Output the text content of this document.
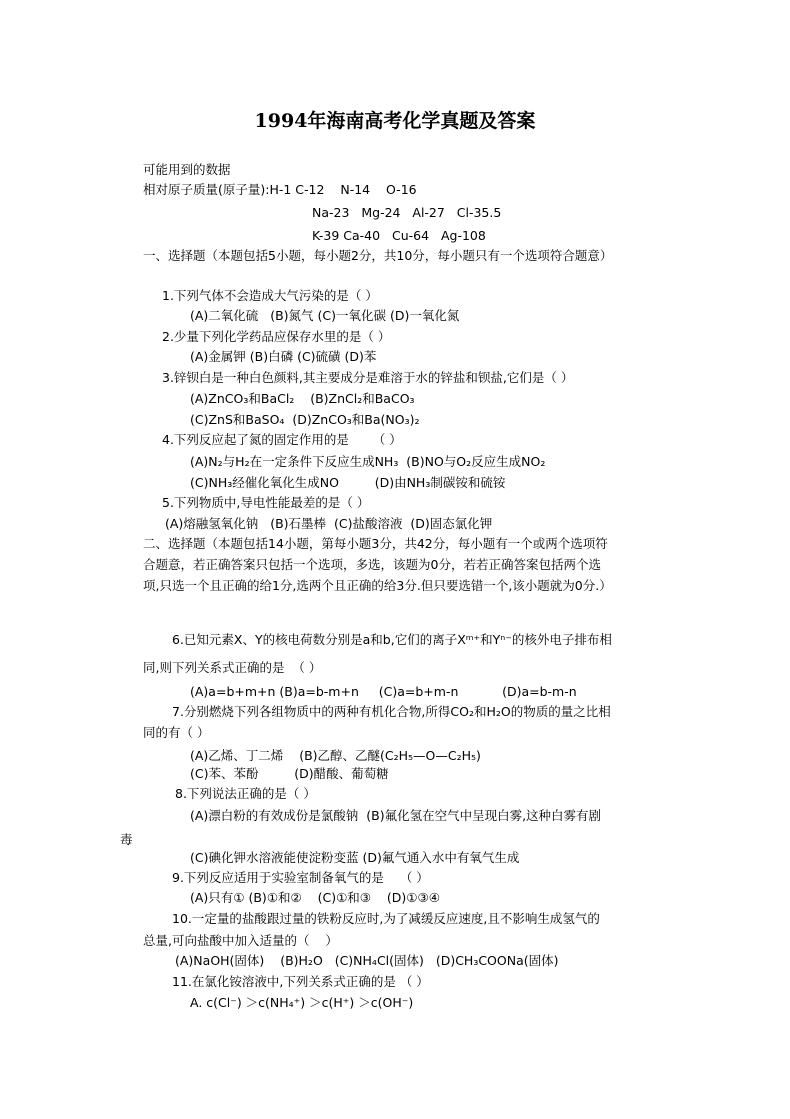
1994年海南高考化学真题及答案
可能用到的数据
相对原子质量(原子量):H-1 C-12    N-14    O-16
Na-23   Mg-24   Al-27   Cl-35.5
K-39 Ca-40   Cu-64   Ag-108
一、选择题（本题包括5小题，每小题2分，共10分，每小题只有一个选项符合题意）
1.下列气体不会造成大气污染的是（ ）
(A)二氧化硫   (B)氮气 (C)一氧化碳 (D)一氧化氮
2.少量下列化学药品应保存水里的是（ ）
(A)金属钾 (B)白磷 (C)硫磺 (D)苯
3.锌钡白是一种白色颜料,其主要成分是难溶于水的锌盐和钡盐,它们是（ ）
(A)ZnCO₃和BaCl₂    (B)ZnCl₂和BaCO₃
(C)ZnS和BaSO₄  (D)ZnCO₃和Ba(NO₃)₂
4.下列反应起了氮的固定作用的是      （ ）
(A)N₂与H₂在一定条件下反应生成NH₃  (B)NO与O₂反应生成NO₂
(C)NH₃经催化氧化生成NO         (D)由NH₃制碳铵和硫铵
5.下列物质中,导电性能最差的是（ ）
(A)熔融氢氧化钠   (B)石墨棒  (C)盐酸溶液  (D)固态氯化钾
二、选择题（本题包括14小题，第每小题3分，共42分，每小题有一个或两个选项符
合题意，若正确答案只包括一个选项，多选，该题为0分，若若正确答案包括两个选
项,只选一个且正确的给1分,选两个且正确的给3分.但只要选错一个,该小题就为0分.）
6.已知元素X、Y的核电荷数分别是a和b,它们的离子Xᵐ⁺和Yⁿ⁻的核外电子排布相
同,则下列关系式正确的是  （ ）
(A)a=b+m+n (B)a=b-m+n     (C)a=b+m-n           (D)a=b-m-n
7.分别燃烧下列各组物质中的两种有机化合物,所得CO₂和H₂O的物质的量之比相
同的有（ ）
(A)乙烯、丁二烯    (B)乙醇、乙醚(C₂H₅—O—C₂H₅)
(C)苯、苯酚         (D)醋酸、葡萄糖
8.下列说法正确的是（ ）
(A)漂白粉的有效成份是氯酸钠  (B)氟化氢在空气中呈现白雾,这种白雾有剧
毒
(C)碘化钾水溶液能使淀粉变蓝 (D)氟气通入水中有氧气生成
9.下列反应适用于实验室制备氧气的是    （ ）
(A)只有① (B)①和②    (C)①和③    (D)①③④
10.一定量的盐酸跟过量的铁粉反应时,为了减缓反应速度,且不影响生成氢气的
总量,可向盐酸中加入适量的（    ）
(A)NaOH(固体)    (B)H₂O   (C)NH₄Cl(固体)   (D)CH₃COONa(固体)
11.在氯化铵溶液中,下列关系式正确的是 （ ）
A. c(Cl⁻) ＞c(NH₄⁺) ＞c(H⁺) ＞c(OH⁻)
